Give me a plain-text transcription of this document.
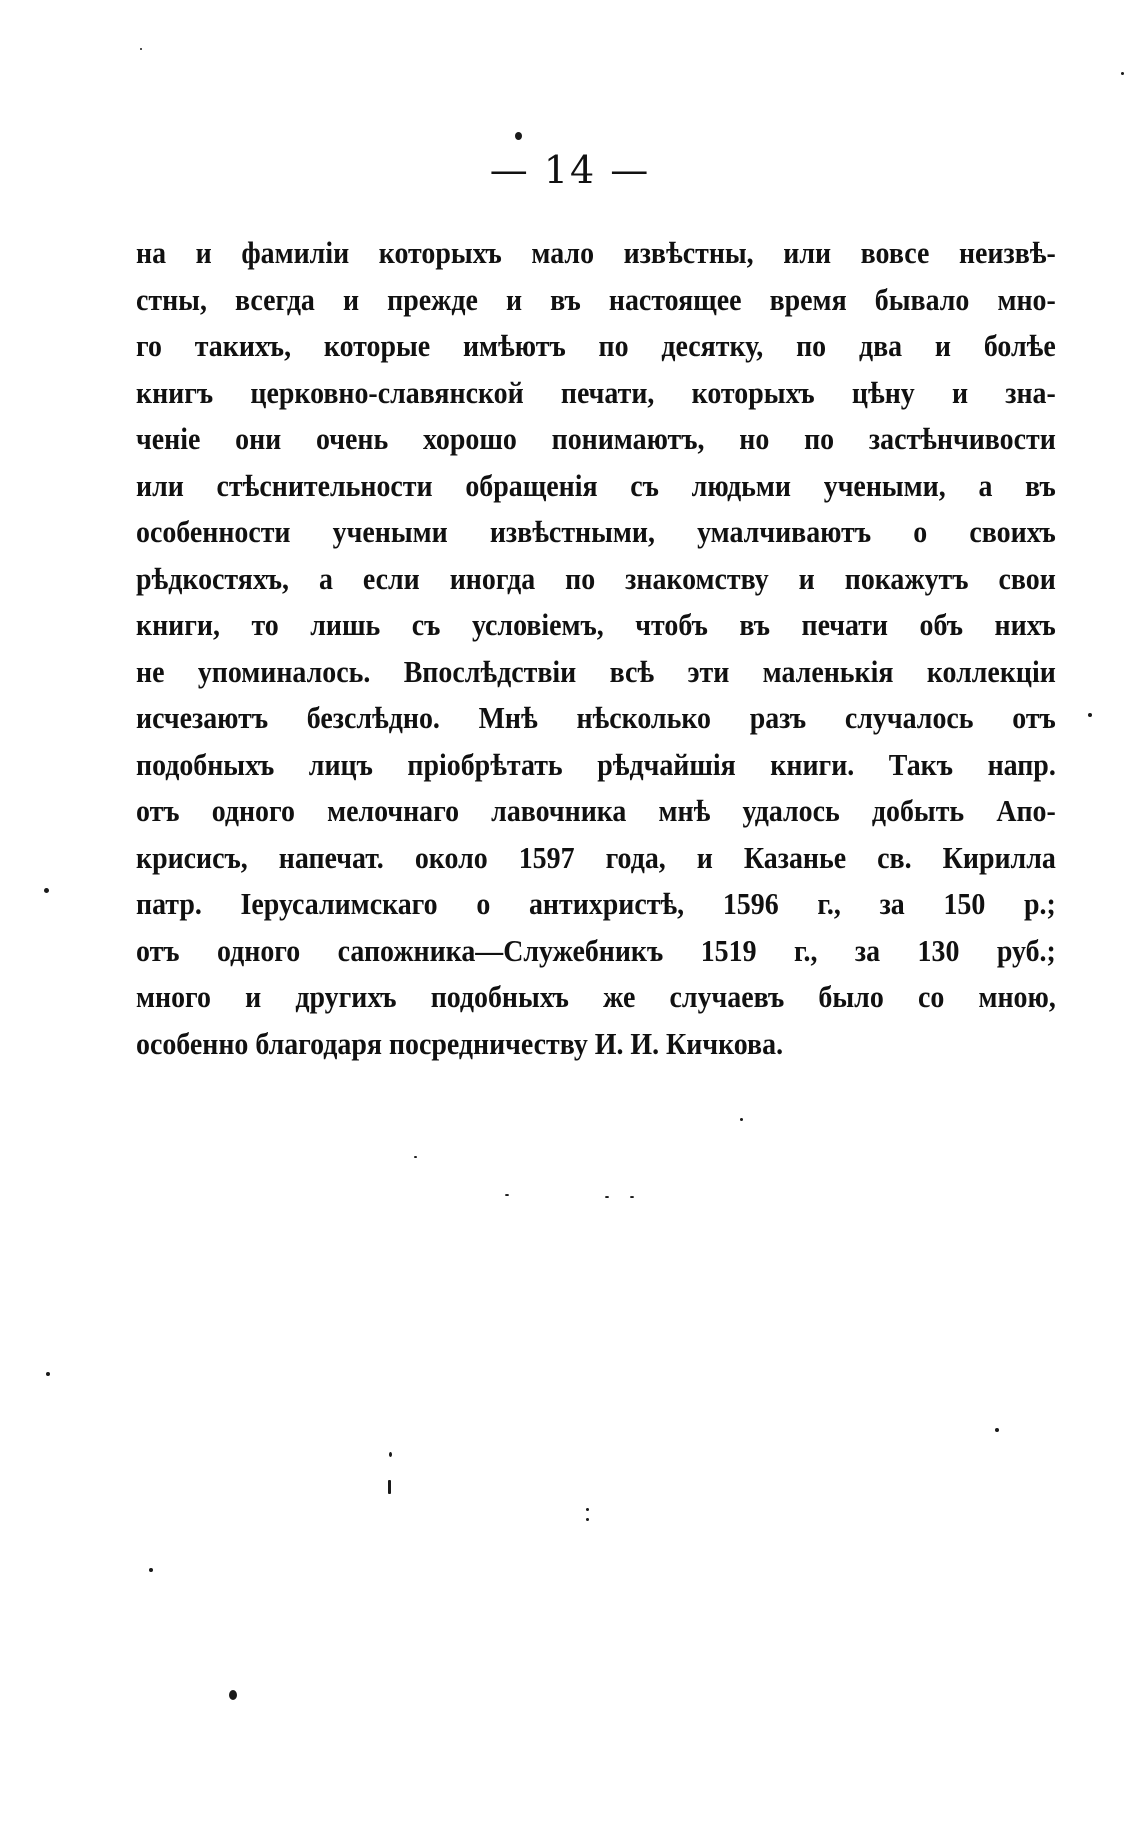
— 14 —
на и фамиліи которыхъ мало извѣстны, или вовсе неизвѣ-
стны, всегда и прежде и въ настоящее время бывало мно-
го такихъ, которые имѣютъ по десятку, по два и болѣе
книгъ церковно-славянской печати, которыхъ цѣну и зна-
ченіе они очень хорошо понимаютъ, но по застѣнчивости
или стѣснительности обращенія съ людьми учеными, а въ
особенности учеными извѣстными, умалчиваютъ о своихъ
рѣдкостяхъ, а если иногда по знакомству и покажутъ свои
книги, то лишь съ условіемъ, чтобъ въ печати объ нихъ
не упоминалось. Впослѣдствіи всѣ эти маленькія коллекціи
исчезаютъ безслѣдно. Мнѣ нѣсколько разъ случалось отъ
подобныхъ лицъ пріобрѣтать рѣдчайшія книги. Такъ напр.
отъ одного мелочнаго лавочника мнѣ удалось добыть Апо-
крисисъ, напечат. около 1597 года, и Казанье св. Кирилла
патр. Іерусалимскаго о антихристѣ, 1596 г., за 150 р.;
отъ одного сапожника—Служебникъ 1519 г., за 130 руб.;
много и другихъ подобныхъ же случаевъ было со мною,
особенно благодаря посредничеству И. И. Кичкова.
